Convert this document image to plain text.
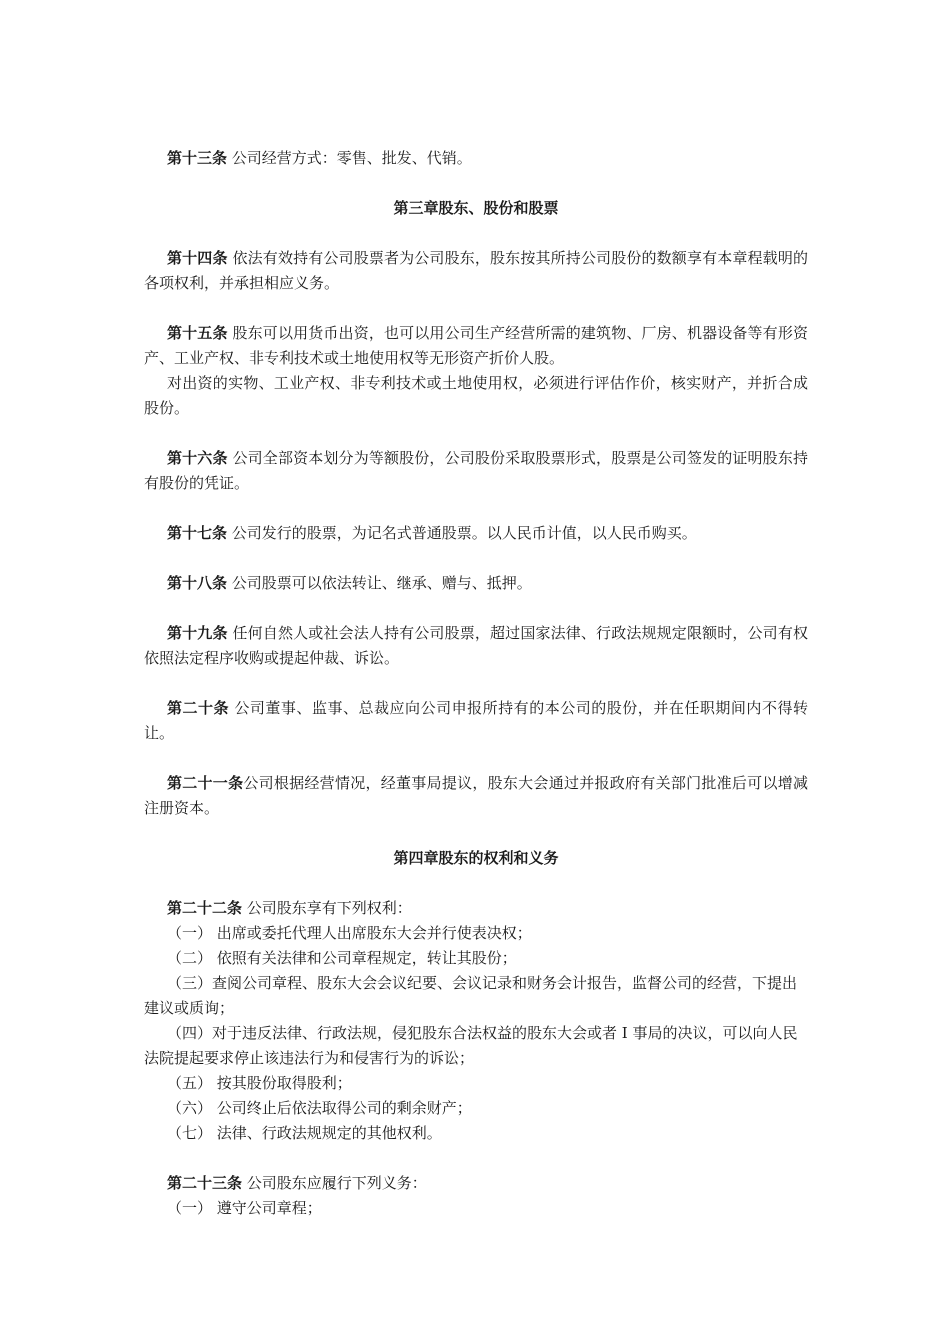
第十三条 公司经营方式：零售、批发、代销。

第三章股东、股份和股票

第十四条 依法有效持有公司股票者为公司股东，股东按其所持公司股份的数额享有本章程载明的各项权利，并承担相应义务。

第十五条 股东可以用货币出资，也可以用公司生产经营所需的建筑物、厂房、机器设备等有形资产、工业产权、非专利技术或土地使用权等无形资产折价人股。

对出资的实物、工业产权、非专利技术或土地使用权，必须进行评估作价，核实财产，并折合成股份。

第十六条 公司全部资本划分为等额股份，公司股份采取股票形式，股票是公司签发的证明股东持有股份的凭证。

第十七条 公司发行的股票，为记名式普通股票。以人民币计值，以人民币购买。

第十八条 公司股票可以依法转让、继承、赠与、抵押。

第十九条 任何自然人或社会法人持有公司股票，超过国家法律、行政法规规定限额时，公司有权依照法定程序收购或提起仲裁、诉讼。

第二十条 公司董事、监事、总裁应向公司申报所持有的本公司的股份，并在任职期间内不得转让。

第二十一条公司根据经营情况，经董事局提议，股东大会通过并报政府有关部门批准后可以增减注册资本。

第四章股东的权利和义务

第二十二条 公司股东享有下列权利：

（一） 出席或委托代理人出席股东大会并行使表决权；

（二） 依照有关法律和公司章程规定，转让其股份；

（三）查阅公司章程、股东大会会议纪要、会议记录和财务会计报告，监督公司的经营，下提出建议或质询；

（四）对于违反法律、行政法规，侵犯股东合法权益的股东大会或者 I 事局的决议，可以向人民法院提起要求停止该违法行为和侵害行为的诉讼；

（五） 按其股份取得股利；

（六） 公司终止后依法取得公司的剩余财产；

（七） 法律、行政法规规定的其他权利。

第二十三条 公司股东应履行下列义务：

（一） 遵守公司章程；
